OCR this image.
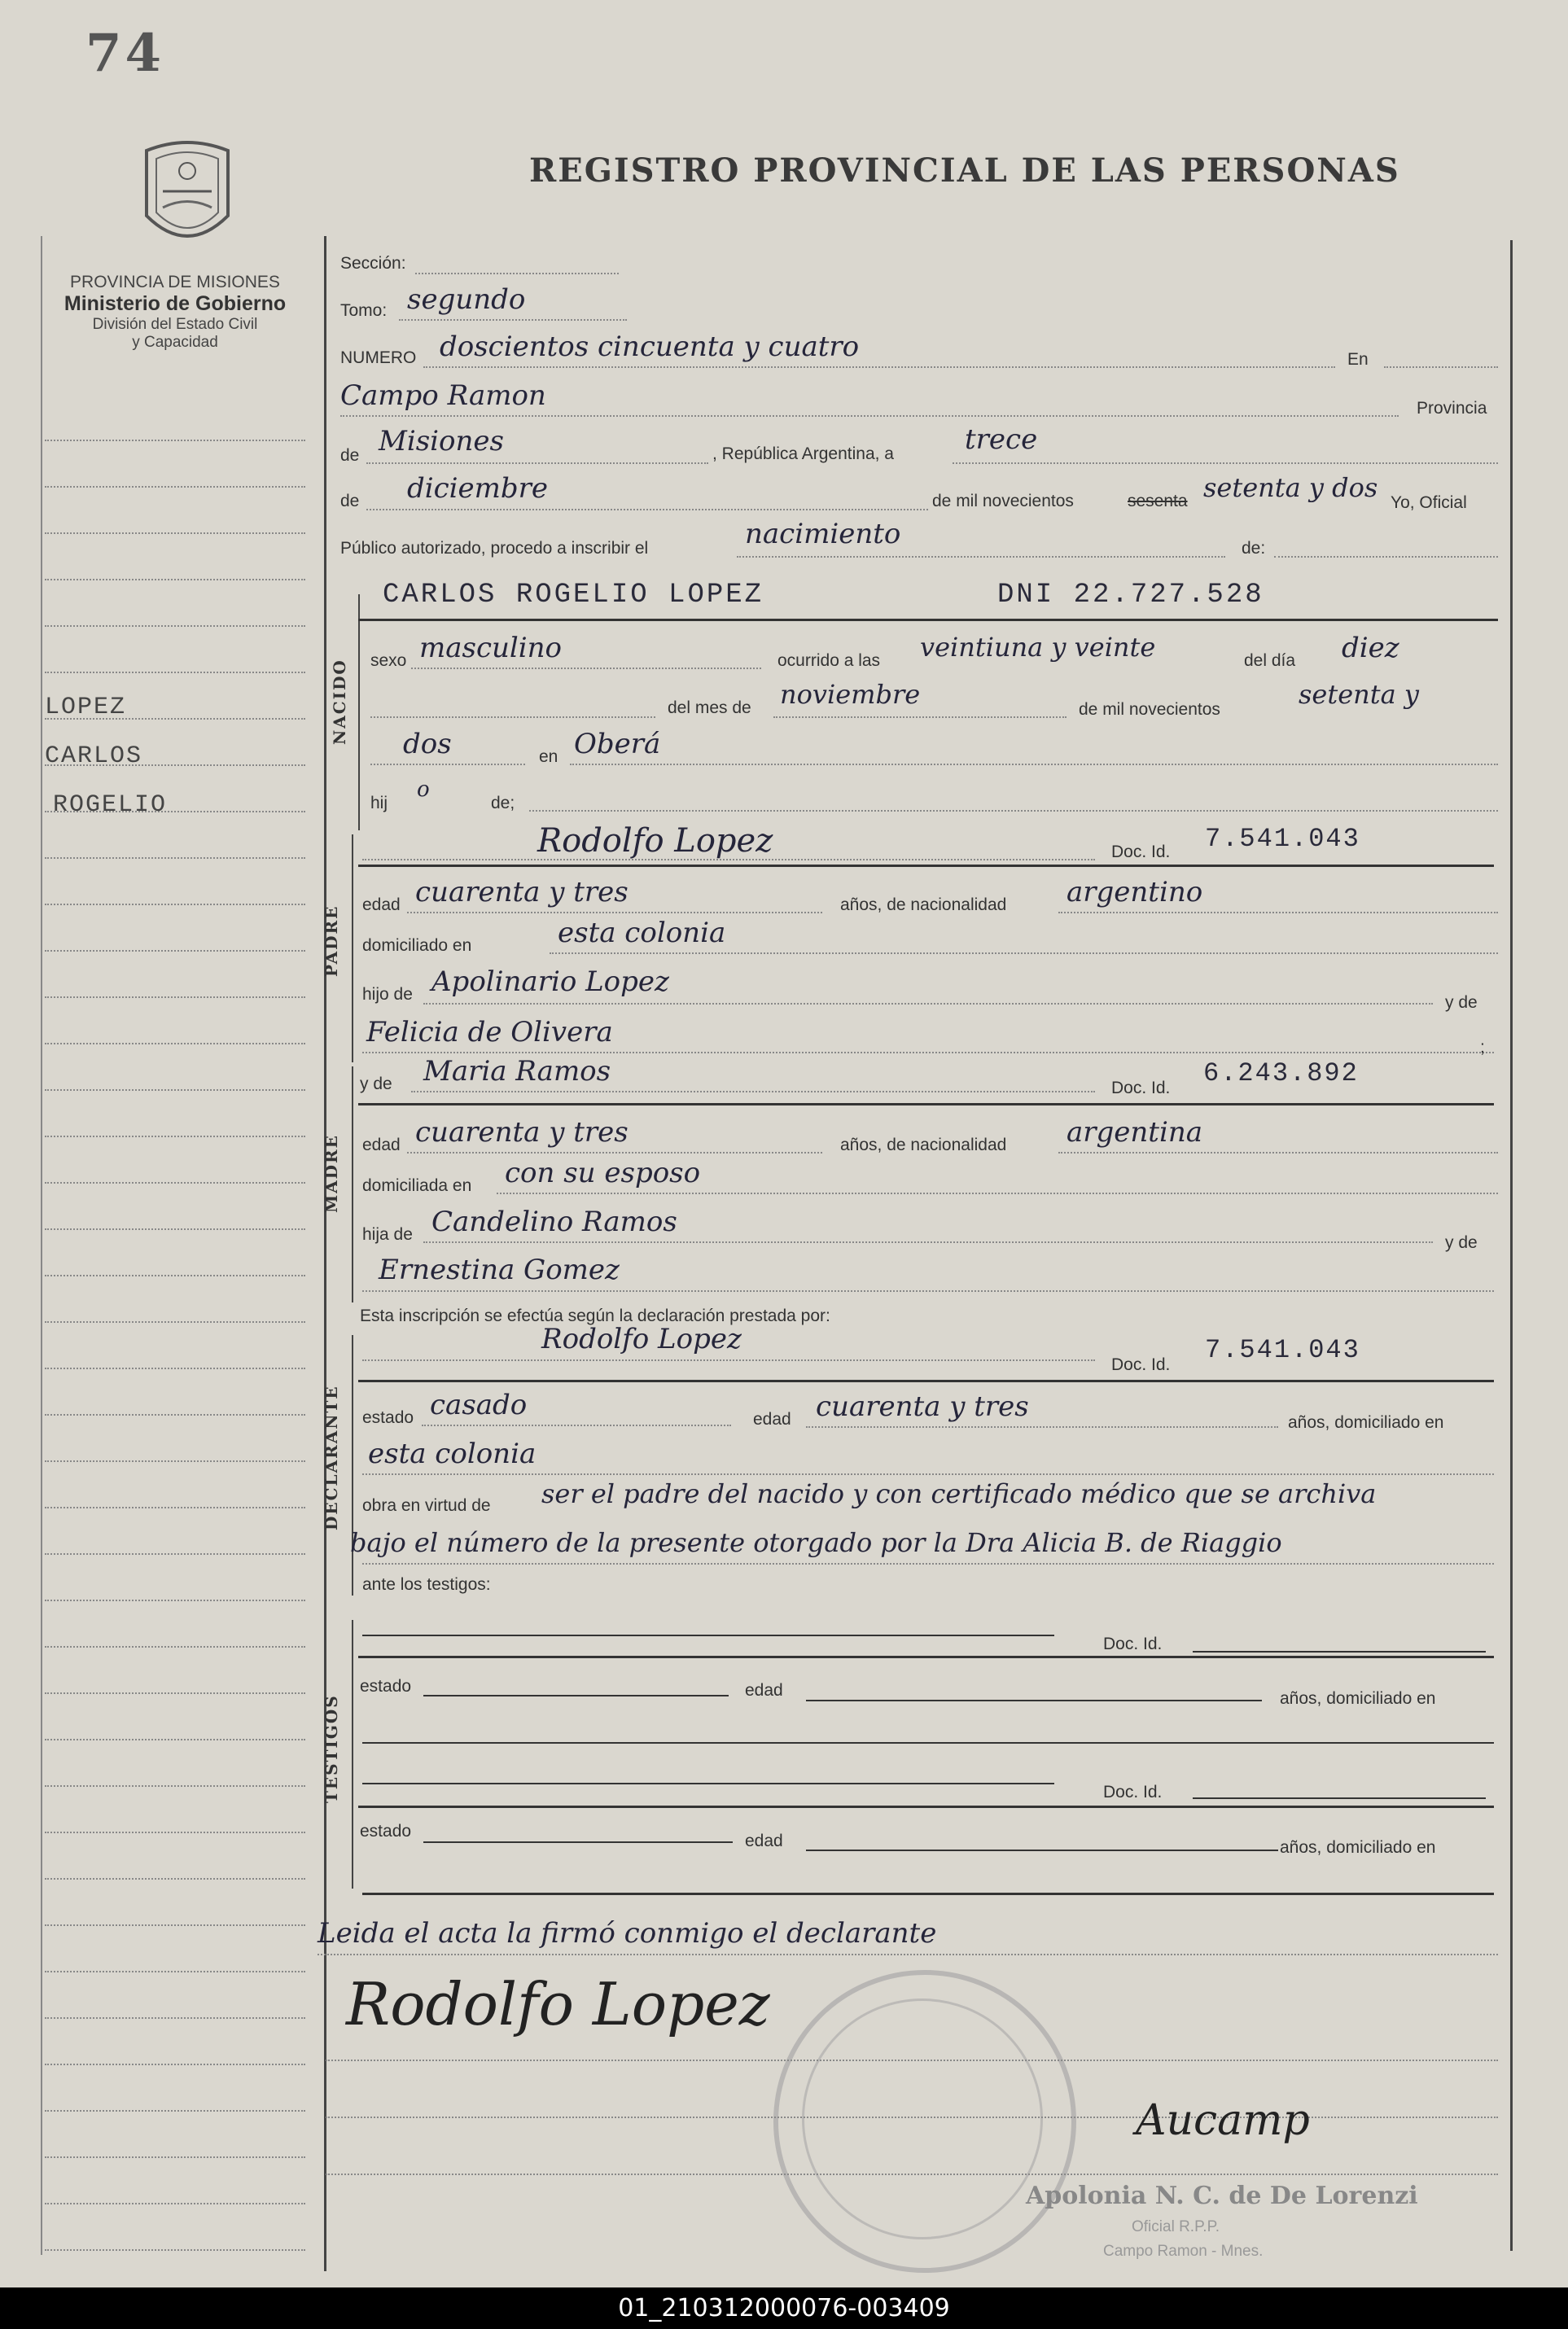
74
PROVINCIA DE MISIONES
Ministerio de Gobierno
División del Estado Civil
y Capacidad
REGISTRO PROVINCIAL DE LAS PERSONAS
LOPEZ
CARLOS
ROGELIO
Sección:
Tomo: segundo
NUMERO doscientos cincuenta y cuatro	En
Campo Ramon	Provincia
de Misiones	, República Argentina, a	trece
de diciembre	de mil novecientos	sesenta setenta y dos Yo, Oficial
Público autorizado, procedo a inscribir el	nacimiento	de:
NACIDO
CARLOS ROGELIO LOPEZ	DNI 22.727.528
sexo masculino	ocurrido a las veintiuna y veinte	del día diez
del mes de noviembre	de mil novecientos	setenta y
dos	en Oberá
hij
o
de;
PADRE
Rodolfo Lopez	Doc. Id. 7.541.043
edad cuarenta y tres	años, de nacionalidad argentino
domiciliado en	esta colonia
hijo de Apolinario Lopez
y de
Felicia de Olivera	;
MADRE
y de Maria Ramos
Doc. Id. 6.243.892
edad cuarenta y tres	años, de nacionalidad argentina
domiciliada en con su esposo
hija de Candelino Ramos
y de
Ernestina Gomez
Esta inscripción se efectúa según la declaración prestada por:
DECLARANTE
Rodolfo Lopez
Doc. Id. 7.541.043
estado casado	edad cuarenta y tres	años, domiciliado en
esta colonia
obra en virtud de ser el padre del nacido y con certificado médico que se archiva
bajo el número de la presente otorgado por la Dra Alicia B. de Riaggio
ante los testigos:
TESTIGOS
Doc. Id.
estado	edad	años, domiciliado en
Doc. Id.
estado
edad	años, domiciliado en
Leida el acta la firmó conmigo el declarante
Rodolfo Lopez
Aucamp
Apolonia N. C. de De Lorenzi
Oficial R.P.P.
Campo Ramon - Mnes.
01_210312000076-003409
